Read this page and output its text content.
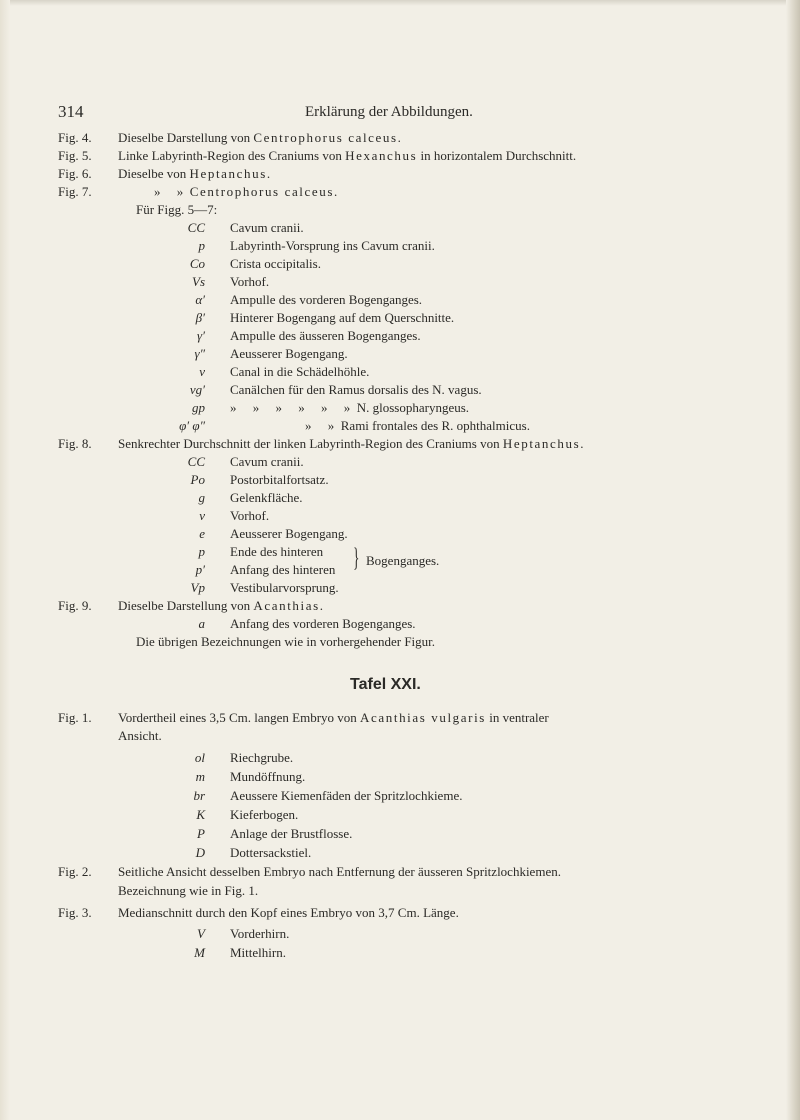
314	Erklärung der Abbildungen.
Fig. 4. Dieselbe Darstellung von Centrophorus calceus.
Fig. 5. Linke Labyrinth-Region des Craniums von Hexanchus in horizontalem Durchschnitt.
Fig. 6. Dieselbe von Heptanchus.
Fig. 7.	»     »  Centrophorus calceus.
Für Figg. 5—7:
CC Cavum cranii.
p Labyrinth-Vorsprung ins Cavum cranii.
Co Crista occipitalis.
Vs Vorhof.
α′ Ampulle des vorderen Bogenganges.
β′ Hinterer Bogengang auf dem Querschnitte.
γ′ Ampulle des äusseren Bogenganges.
γ″ Aeusserer Bogengang.
v Canal in die Schädelhöhle.
vg′ Canälchen für den Ramus dorsalis des N. vagus.
gp »     »     »     »     »     »  N. glossopharyngeus.
φ′ φ″	»     »  Rami frontales des R. ophthalmicus.
Fig. 8. Senkrechter Durchschnitt der linken Labyrinth-Region des Craniums von Heptanchus.
CC Cavum cranii.
Po Postorbitalfortsatz.
g Gelenkfläche.
v Vorhof.
e Aeusserer Bogengang.
p Ende des hinteren
p′ Anfang des hinteren } Bogenganges.
Vp Vestibularvorsprung.
Fig. 9. Dieselbe Darstellung von Acanthias.
a Anfang des vorderen Bogenganges.
Die übrigen Bezeichnungen wie in vorhergehender Figur.
Tafel XXI.
Fig. 1. Vordertheil eines 3,5 Cm. langen Embryo von Acanthias vulgaris in ventraler
Ansicht.
ol Riechgrube.
m Mundöffnung.
br Aeussere Kiemenfäden der Spritzlochkieme.
K Kieferbogen.
P Anlage der Brustflosse.
D Dottersackstiel.
Fig. 2. Seitliche Ansicht desselben Embryo nach Entfernung der äusseren Spritzlochkiemen.
Bezeichnung wie in Fig. 1.
Fig. 3. Medianschnitt durch den Kopf eines Embryo von 3,7 Cm. Länge.
V Vorderhirn.
M Mittelhirn.
